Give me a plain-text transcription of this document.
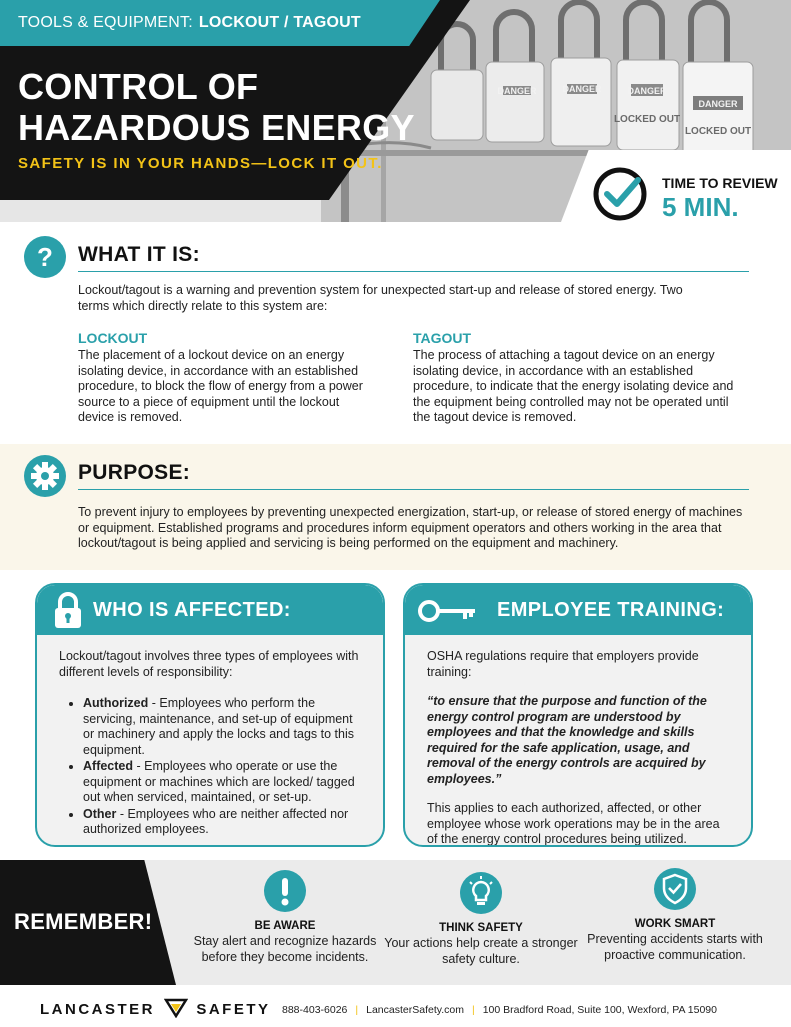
DANGER	DANGER	DANGER
DANGER
LOCKED OUT
LOCKED OUT
TOOLS & EQUIPMENT: LOCKOUT / TAGOUT
CONTROL OF
HAZARDOUS ENERGY
SAFETY IS IN YOUR HANDS—LOCK IT OUT.
TIME TO REVIEW
5 MIN.
? WHAT IT IS:
Lockout/tagout is a warning and prevention system for unexpected start-up and release of stored energy. Two terms which directly relate to this system are:
LOCKOUT
The placement of a lockout device on an energy isolating device, in accordance with an established procedure, to block the flow of energy from a power source to a piece of equipment until the lockout device is removed.
TAGOUT
The process of attaching a tagout device on an energy isolating device, in accordance with an established procedure, to indicate that the energy isolating device and the equipment being controlled may not be operated until the tagout device is removed.
PURPOSE:
To prevent injury to employees by preventing unexpected energization, start-up, or release of stored energy of machines or equipment. Established programs and procedures inform equipment operators and others working in the area that lockout/tagout is being applied and servicing is being performed on the equipment and machinery.
WHO IS AFFECTED:
Lockout/tagout involves three types of employees with different levels of responsibility:
• Authorized - Employees who perform the servicing, maintenance, and set-up of equipment or machinery and apply the locks and tags to this equipment.
• Affected - Employees who operate or use the equipment or machines which are locked/ tagged out when serviced, maintained, or set-up.
• Other - Employees who are neither affected nor authorized employees.
EMPLOYEE TRAINING:
OSHA regulations require that employers provide training:
“to ensure that the purpose and function of the energy control program are understood by employees and that the knowledge and skills required for the safe application, usage, and removal of the energy controls are acquired by employees.”
This applies to each authorized, affected, or other employee whose work operations may be in the area of the energy control procedures being utilized.
REMEMBER!	BE AWARE
Stay alert and recognize hazards before they become incidents.
THINK SAFETY
Your actions help create a stronger safety culture.
WORK SMART
Preventing accidents starts with proactive communication.
LANCASTER	SAFETY 888-403-6026 | LancasterSafety.com | 100 Bradford Road, Suite 100, Wexford, PA 15090
